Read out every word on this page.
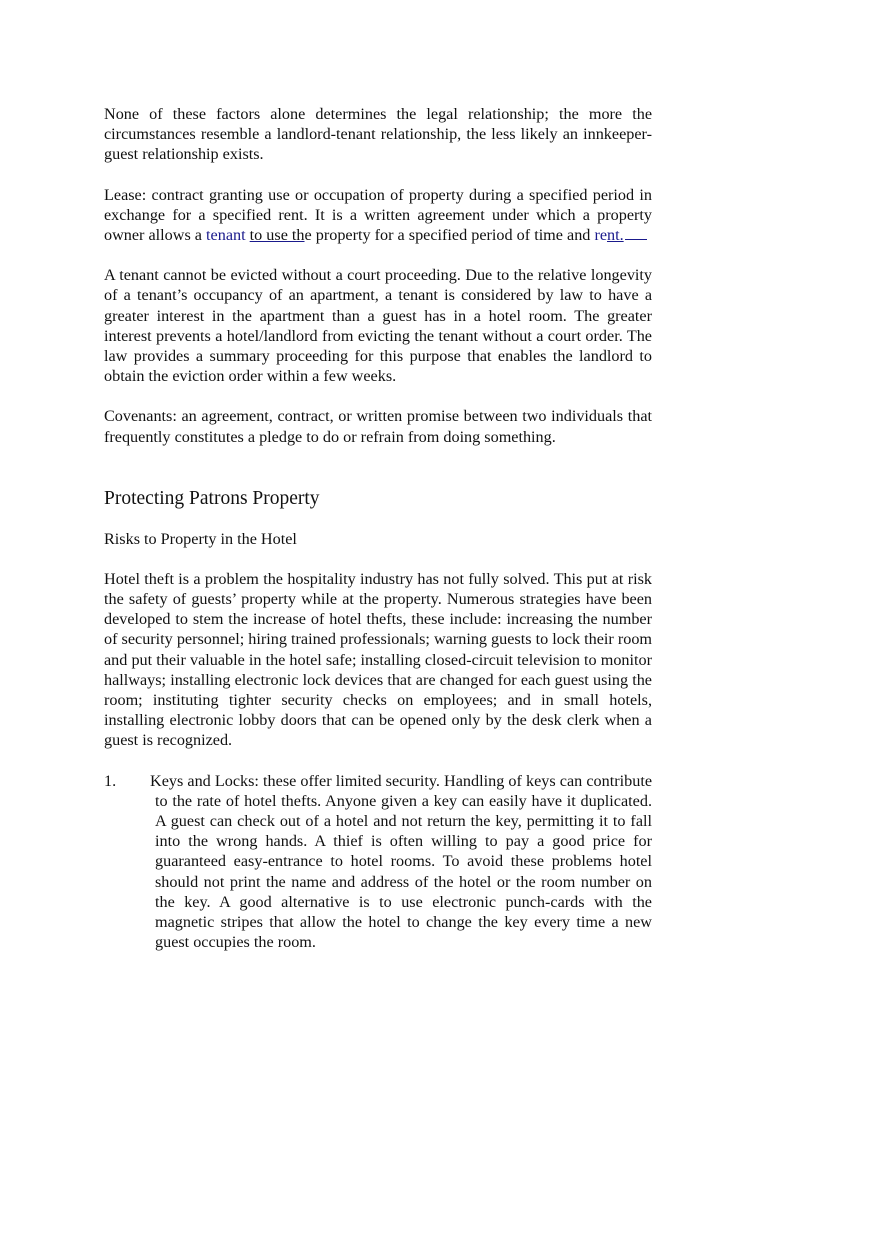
None of these factors alone determines the legal relationship; the more the circumstances resemble a landlord-tenant relationship, the less likely an innkeeper-guest relationship exists.

Lease: contract granting use or occupation of property during a specified period in exchange for a specified rent. It is a written agreement under which a property owner allows a tenant to use the property for a specified period of time and rent.

A tenant cannot be evicted without a court proceeding. Due to the relative longevity of a tenant’s occupancy of an apartment, a tenant is considered by law to have a greater interest in the apartment than a guest has in a hotel room. The greater interest prevents a hotel/landlord from evicting the tenant without a court order. The law provides a summary proceeding for this purpose that enables the landlord to obtain the eviction order within a few weeks.

Covenants: an agreement, contract, or written promise between two individuals that frequently constitutes a pledge to do or refrain from doing something.

Protecting Patrons Property
Risks to Property in the Hotel

Hotel theft is a problem the hospitality industry has not fully solved. This put at risk the safety of guests’ property while at the property. Numerous strategies have been developed to stem the increase of hotel thefts, these include: increasing the number of security personnel; hiring trained professionals; warning guests to lock their room and put their valuable in the hotel safe; installing closed-circuit television to monitor hallways; installing electronic lock devices that are changed for each guest using the room; instituting tighter security checks on employees; and in small hotels, installing electronic lobby doors that can be opened only by the desk clerk when a guest is recognized.

1. Keys and Locks: these offer limited security. Handling of keys can contribute to the rate of hotel thefts. Anyone given a key can easily have it duplicated. A guest can check out of a hotel and not return the key, permitting it to fall into the wrong hands. A thief is often willing to pay a good price for guaranteed easy-entrance to hotel rooms. To avoid these problems hotel should not print the name and address of the hotel or the room number on the key. A good alternative is to use electronic punch-cards with the magnetic stripes that allow the hotel to change the key every time a new guest occupies the room.
